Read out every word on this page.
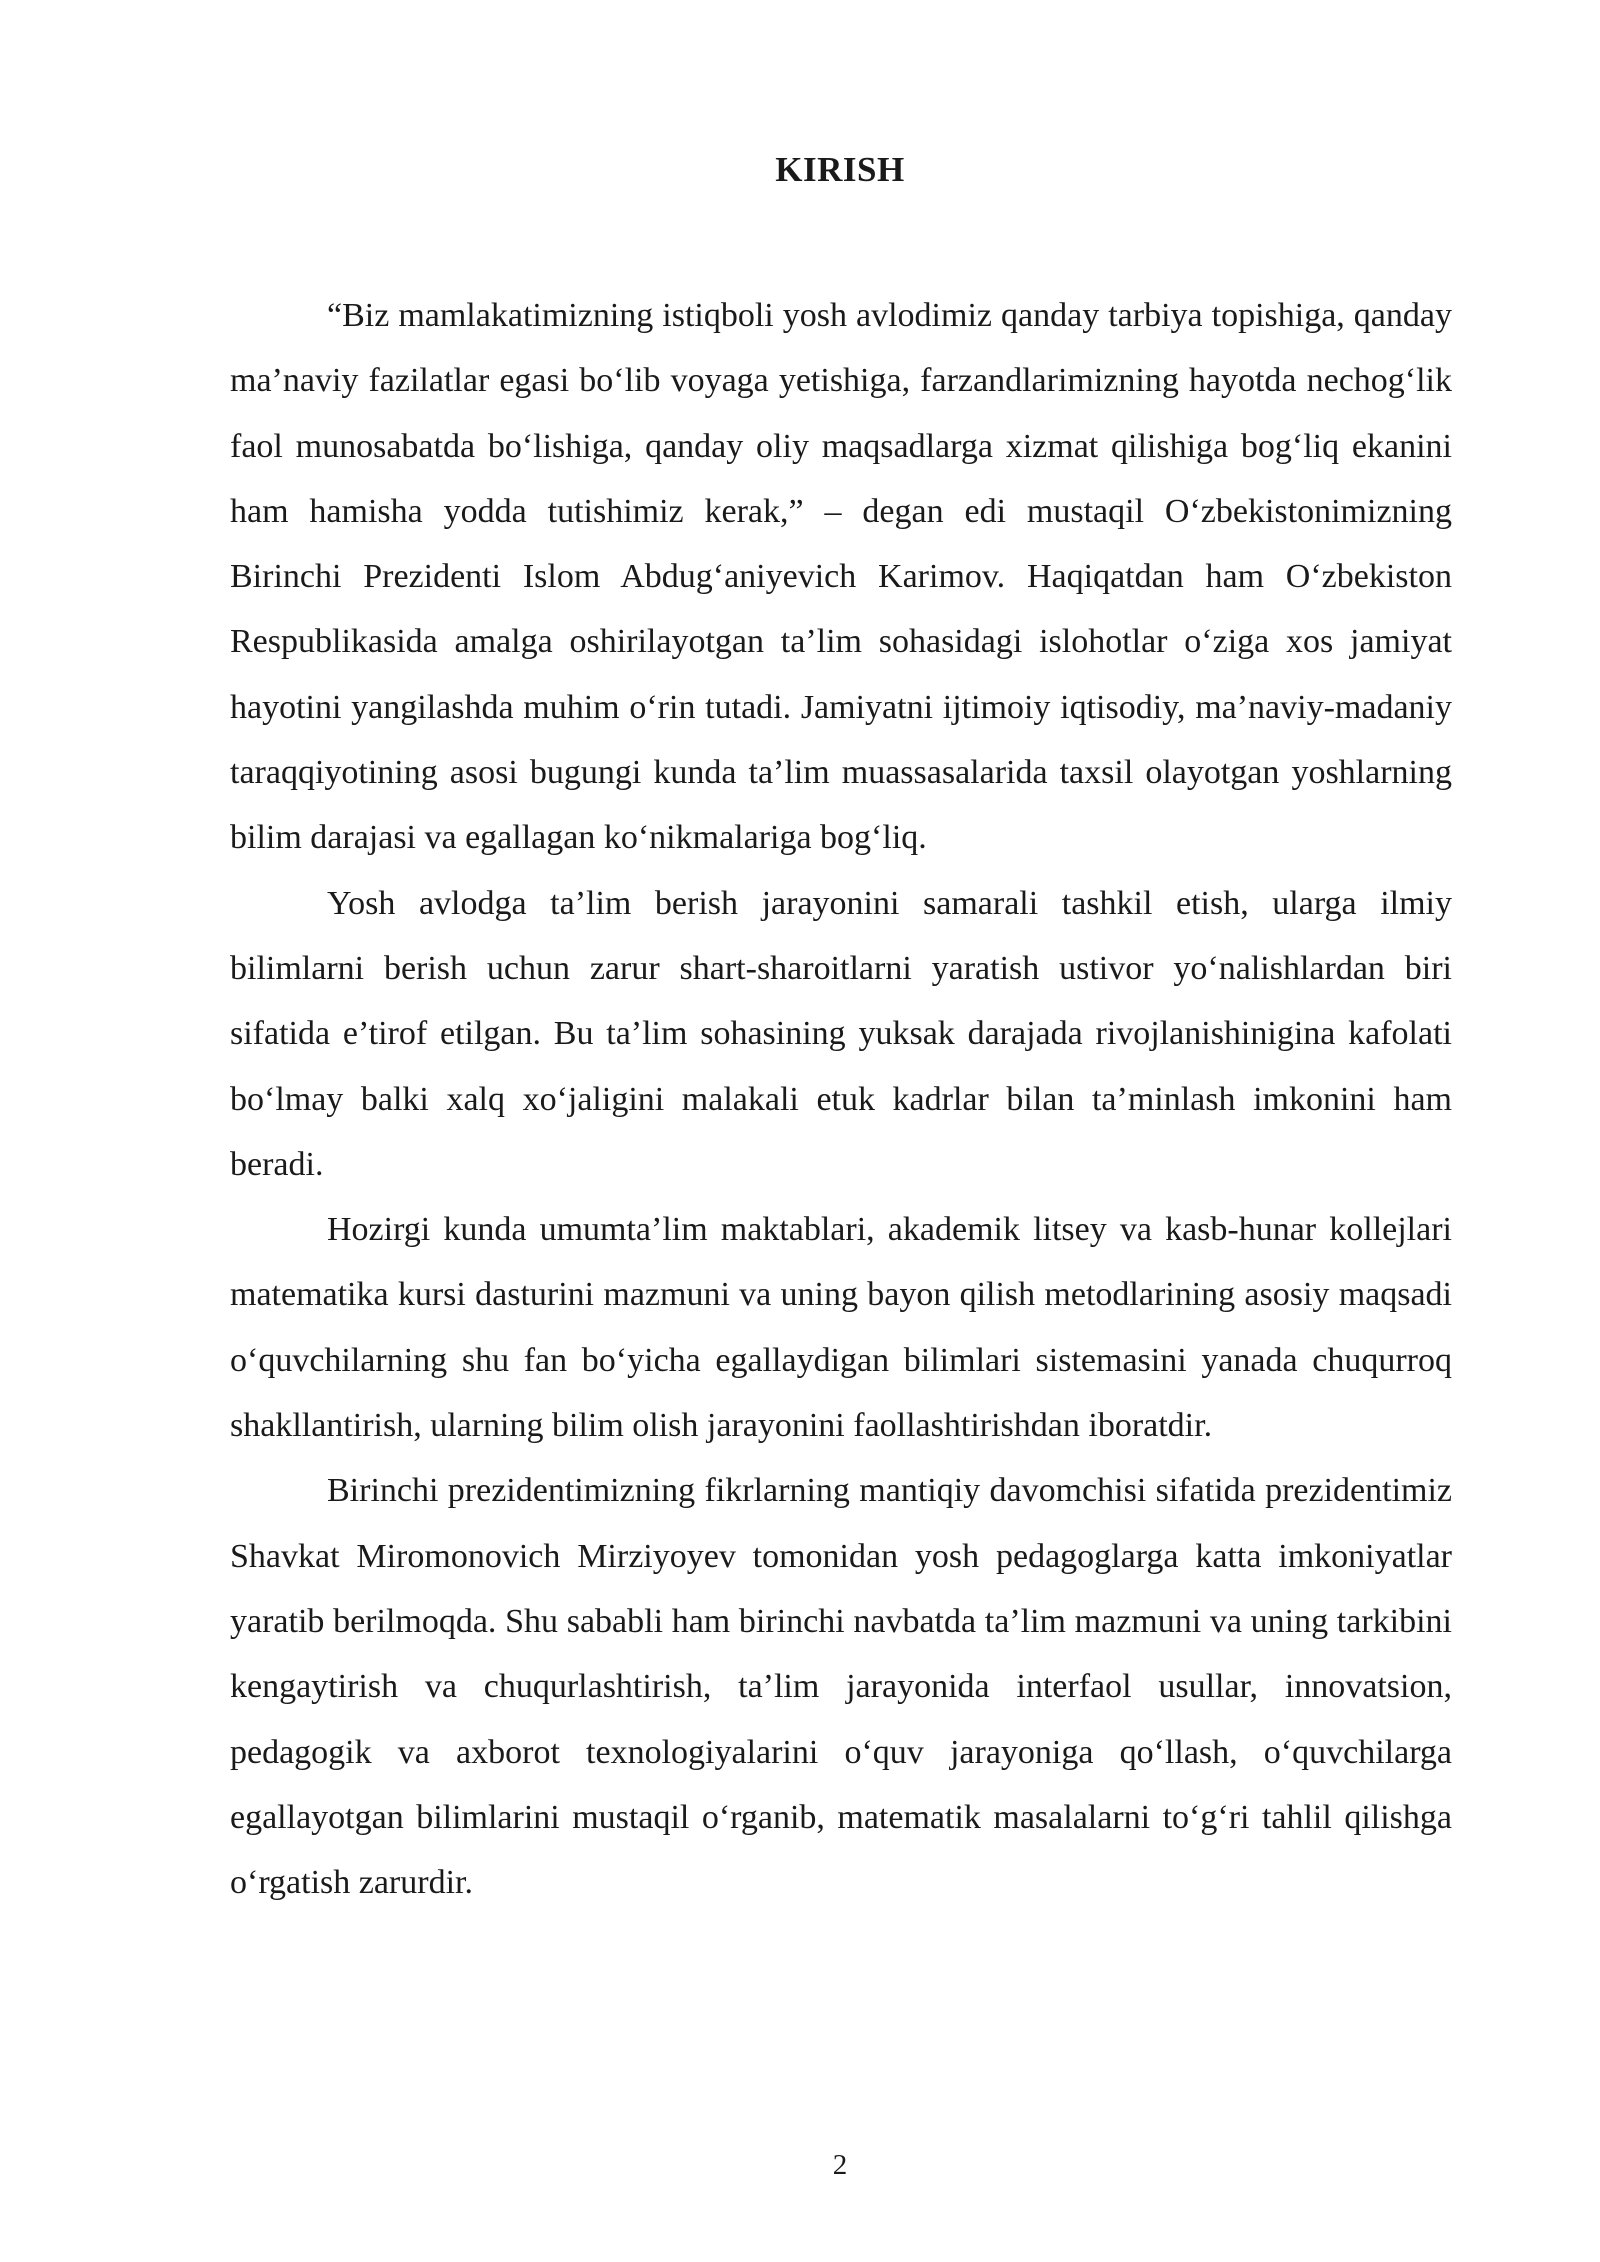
KIRISH

“Biz mamlakatimizning istiqboli yosh avlodimiz qanday tarbiya topishiga, qanday ma’naviy fazilatlar egasi bo‘lib voyaga yetishiga, farzandlarimizning hayotda nechog‘lik faol munosabatda bo‘lishiga, qanday oliy maqsadlarga xizmat qilishiga bog‘liq ekanini ham hamisha yodda tutishimiz kerak,” – degan edi mustaqil O‘zbekistonimizning Birinchi Prezidenti Islom Abdug‘aniyevich Karimov. Haqiqatdan ham O‘zbekiston Respublikasida amalga oshirilayotgan ta’lim sohasidagi islohotlar o‘ziga xos jamiyat hayotini yangilashda muhim o‘rin tutadi. Jamiyatni ijtimoiy iqtisodiy, ma’naviy-madaniy taraqqiyotining asosi bugungi kunda ta’lim muassasalarida taxsil olayotgan yoshlarning bilim darajasi va egallagan ko‘nikmalariga bog‘liq.

Yosh avlodga ta’lim berish jarayonini samarali tashkil etish, ularga ilmiy bilimlarni berish uchun zarur shart-sharoitlarni yaratish ustivor yo‘nalishlardan biri sifatida e’tirof etilgan. Bu ta’lim sohasining yuksak darajada rivojlanishinigina kafolati bo‘lmay balki xalq xo‘jaligini malakali etuk kadrlar bilan ta’minlash imkonini ham beradi.

Hozirgi kunda umumta’lim maktablari, akademik litsey va kasb-hunar kollejlari matematika kursi dasturini mazmuni va uning bayon qilish metodlarining asosiy maqsadi o‘quvchilarning shu fan bo‘yicha egallaydigan bilimlari sistemasini yanada chuqurroq shakllantirish, ularning bilim olish jarayonini faollashtirishdan iboratdir.

Birinchi prezidentimizning fikrlarning mantiqiy davomchisi sifatida prezidentimiz Shavkat Miromonovich Mirziyoyev tomonidan yosh pedagoglarga katta imkoniyatlar yaratib berilmoqda. Shu sababli ham birinchi navbatda ta’lim mazmuni va uning tarkibini kengaytirish va chuqurlashtirish, ta’lim jarayonida interfaol usullar, innovatsion, pedagogik va axborot texnologiyalarini o‘quv jarayoniga qo‘llash, o‘quvchilarga egallayotgan bilimlarini mustaqil o‘rganib, matematik masalalarni to‘g‘ri tahlil qilishga o‘rgatish zarurdir.

2
